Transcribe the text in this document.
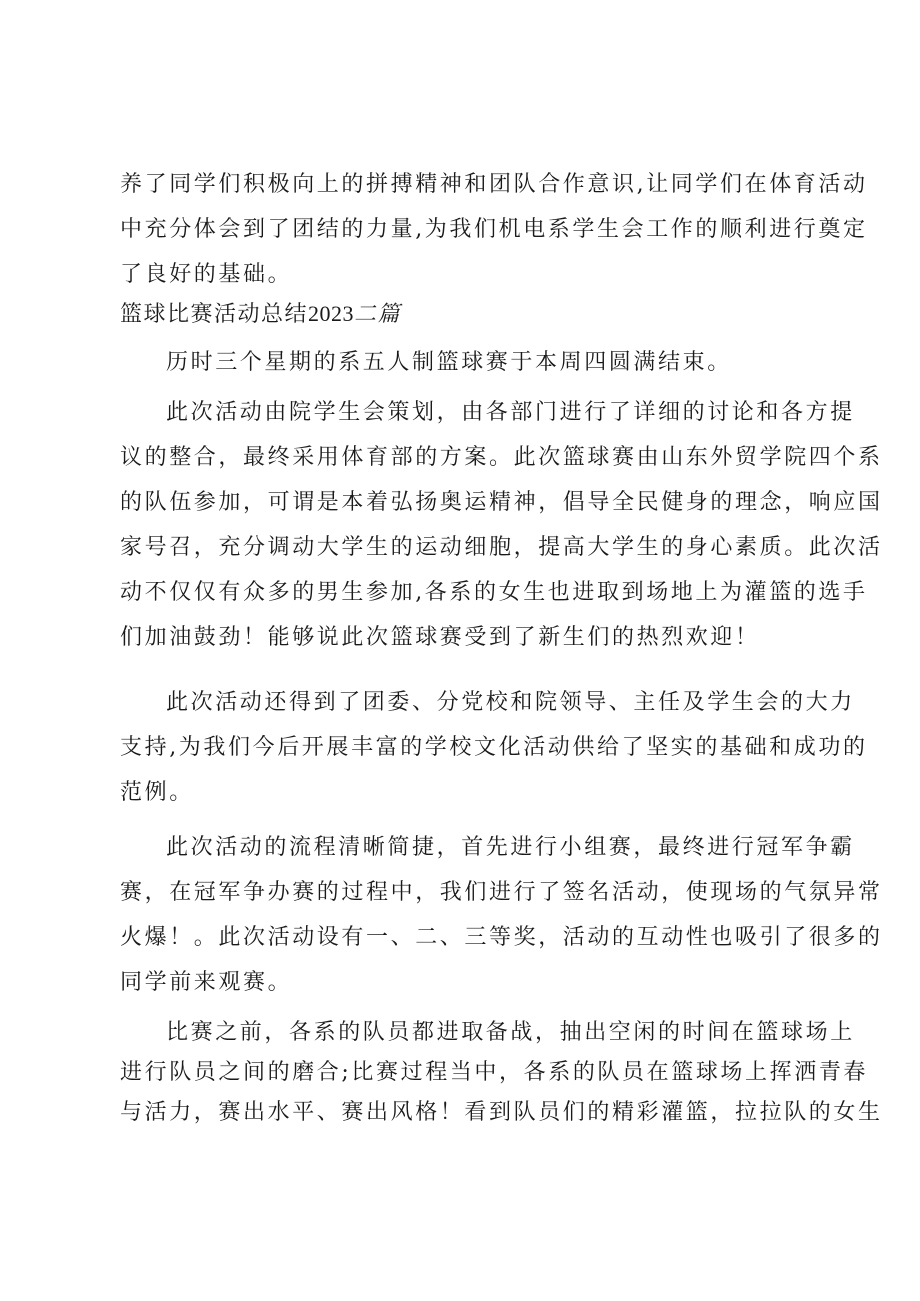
养了同学们积极向上的拼搏精神和团队合作意识,让同学们在体育活动
中充分体会到了团结的力量,为我们机电系学生会工作的顺利进行奠定
了良好的基础。
篮球比赛活动总结2023二篇
历时三个星期的系五人制篮球赛于本周四圆满结束。
此次活动由院学生会策划，由各部门进行了详细的讨论和各方提
议的整合，最终采用体育部的方案。此次篮球赛由山东外贸学院四个系
的队伍参加，可谓是本着弘扬奥运精神，倡导全民健身的理念，响应国
家号召，充分调动大学生的运动细胞，提高大学生的身心素质。此次活
动不仅仅有众多的男生参加,各系的女生也进取到场地上为灌篮的选手
们加油鼓劲！能够说此次篮球赛受到了新生们的热烈欢迎！
此次活动还得到了团委、分党校和院领导、主任及学生会的大力
支持,为我们今后开展丰富的学校文化活动供给了坚实的基础和成功的
范例。
此次活动的流程清晰简捷，首先进行小组赛，最终进行冠军争霸
赛，在冠军争办赛的过程中，我们进行了签名活动，使现场的气氛异常
火爆！。此次活动设有一、二、三等奖，活动的互动性也吸引了很多的
同学前来观赛。
比赛之前，各系的队员都进取备战，抽出空闲的时间在篮球场上
进行队员之间的磨合;比赛过程当中，各系的队员在篮球场上挥洒青春
与活力，赛出水平、赛出风格！看到队员们的精彩灌篮，拉拉队的女生
